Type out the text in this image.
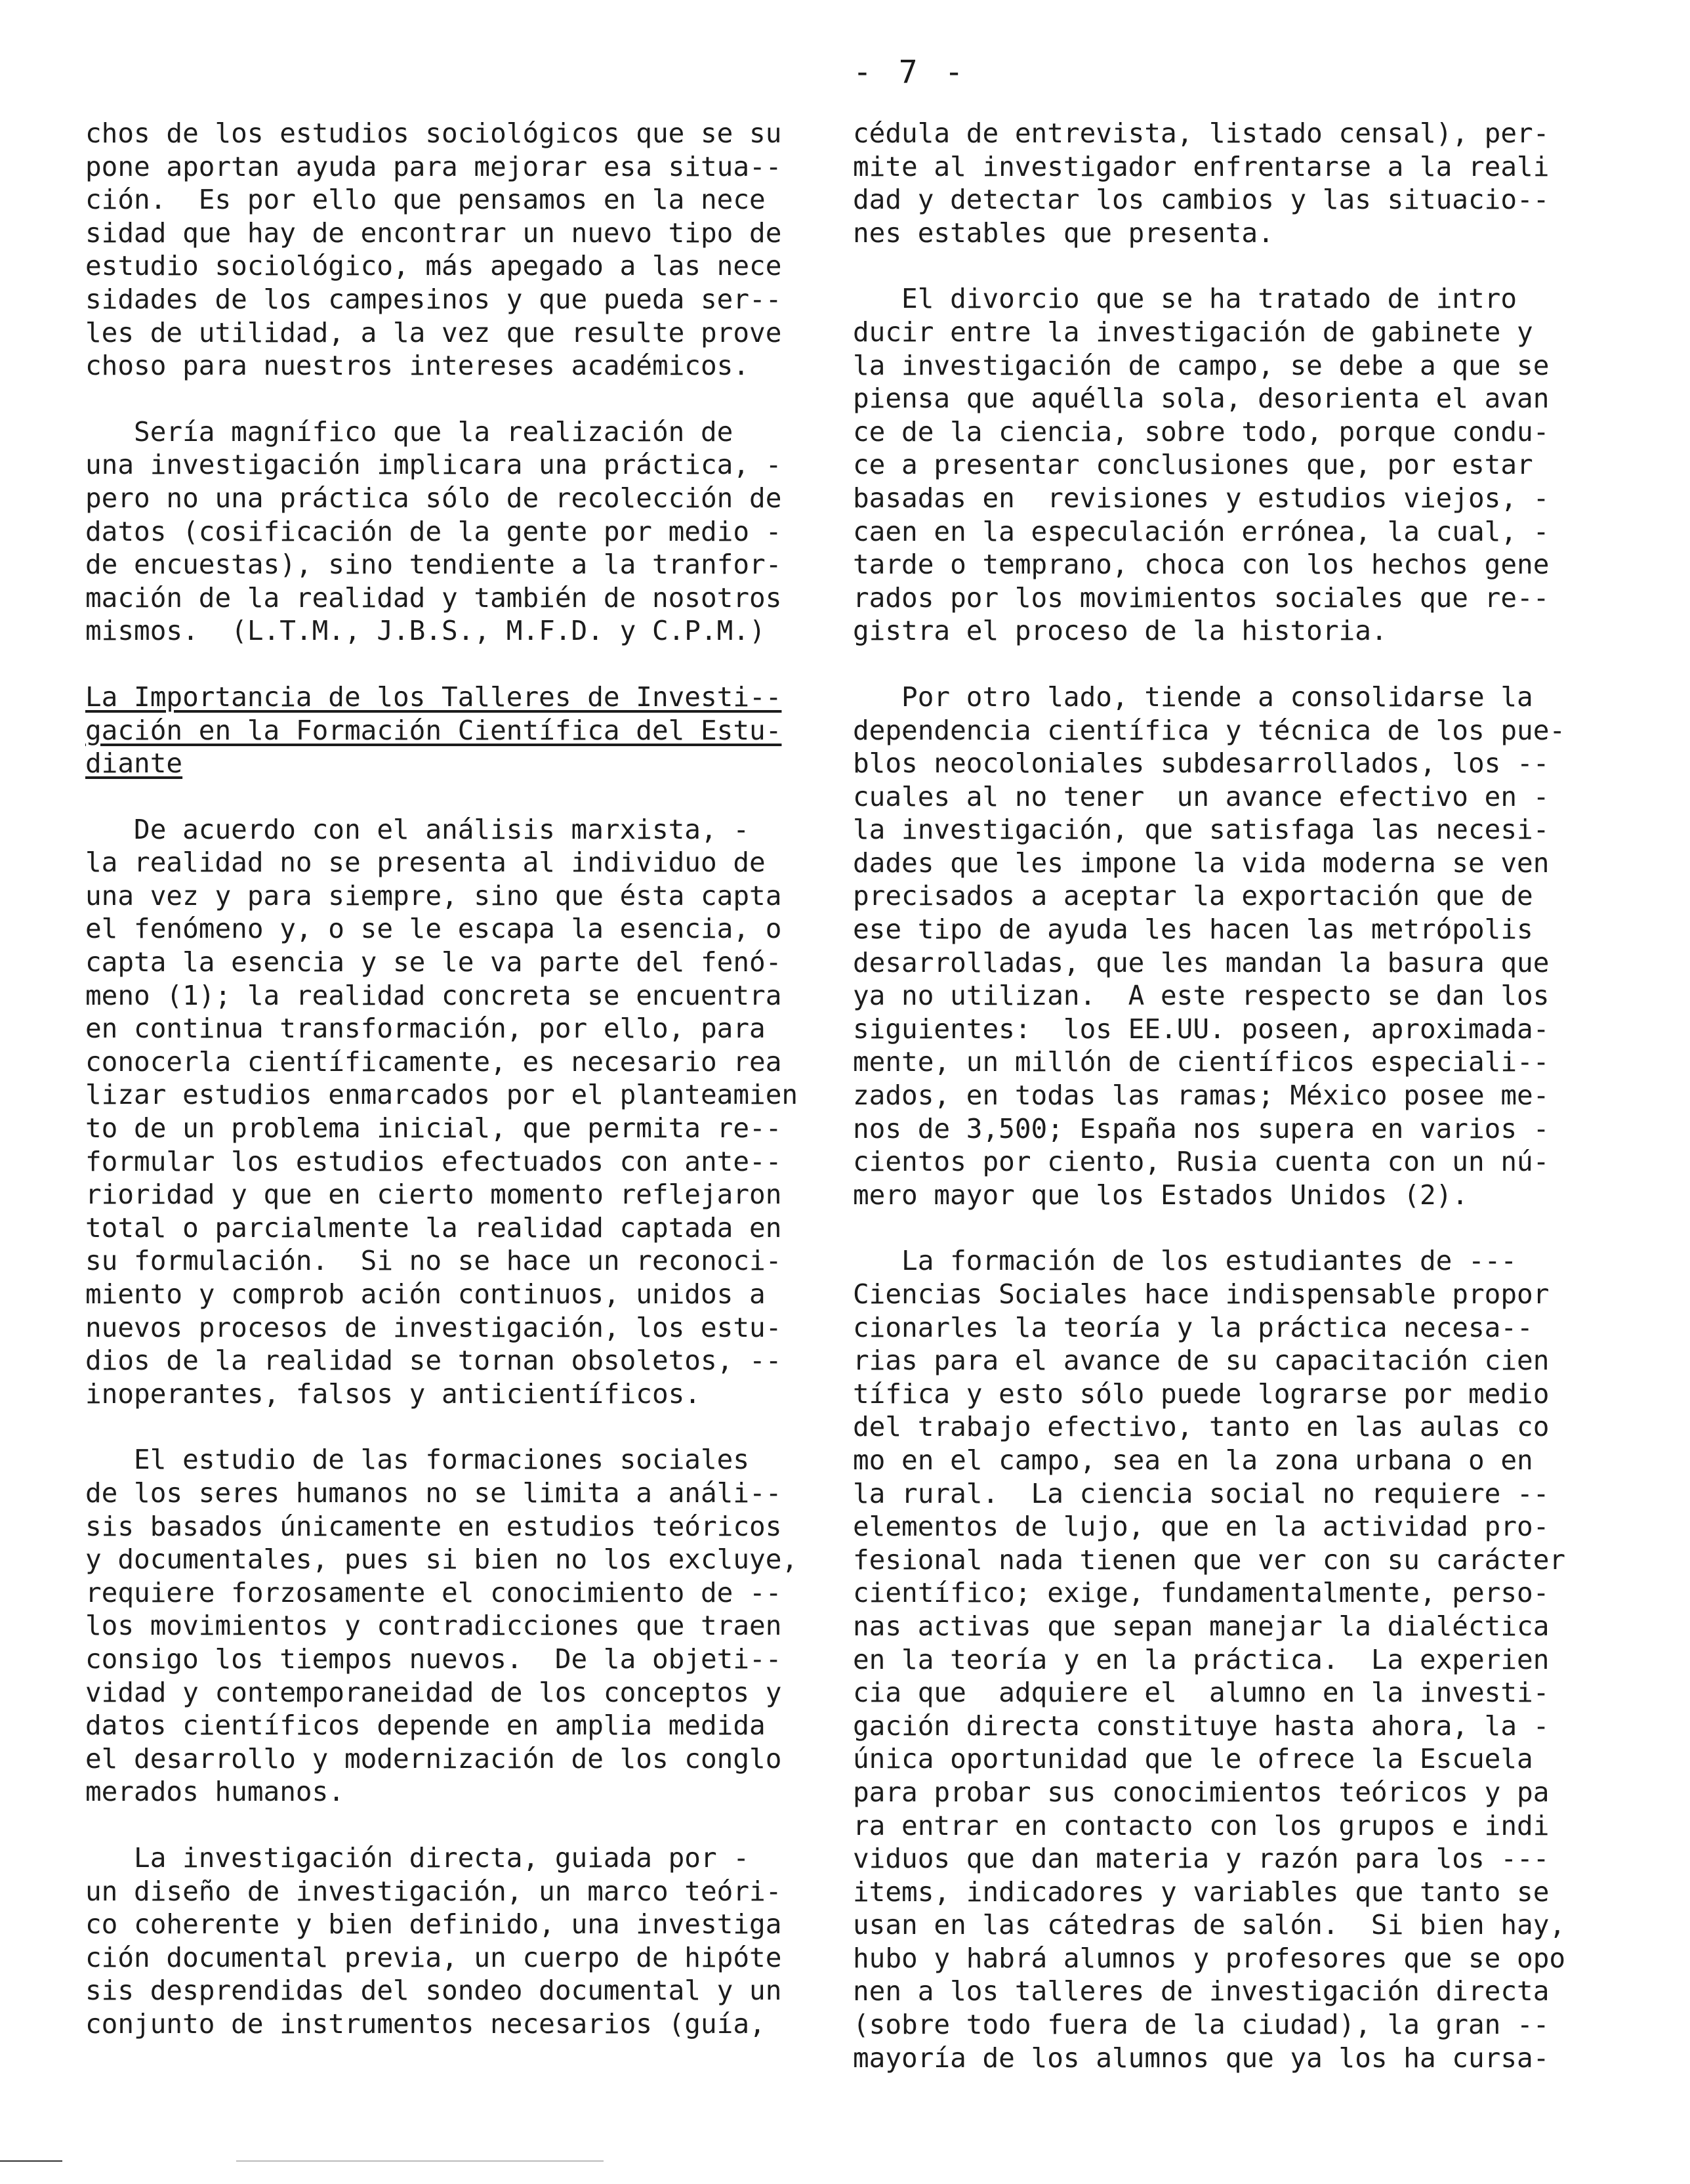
- 7 -
chos de los estudios sociológicos que se su
pone aportan ayuda para mejorar esa situa--
ción.  Es por ello que pensamos en la nece
sidad que hay de encontrar un nuevo tipo de
estudio sociológico, más apegado a las nece
sidades de los campesinos y que pueda ser--
les de utilidad, a la vez que resulte prove
choso para nuestros intereses académicos.
Sería magnífico que la realización de
una investigación implicara una práctica, -
pero no una práctica sólo de recolección de
datos (cosificación de la gente por medio -
de encuestas), sino tendiente a la tranfor-
mación de la realidad y también de nosotros
mismos.  (L.T.M., J.B.S., M.F.D. y C.P.M.)
La Importancia de los Talleres de Investi--
gación en la Formación Científica del Estu-
diante
De acuerdo con el análisis marxista, -
la realidad no se presenta al individuo de
una vez y para siempre, sino que ésta capta
el fenómeno y, o se le escapa la esencia, o
capta la esencia y se le va parte del fenó-
meno (1); la realidad concreta se encuentra
en continua transformación, por ello, para
conocerla científicamente, es necesario rea
lizar estudios enmarcados por el planteamien
to de un problema inicial, que permita re--
formular los estudios efectuados con ante--
rioridad y que en cierto momento reflejaron
total o parcialmente la realidad captada en
su formulación.  Si no se hace un reconoci-
miento y comprob ación continuos, unidos a
nuevos procesos de investigación, los estu-
dios de la realidad se tornan obsoletos, --
inoperantes, falsos y anticientíficos.
El estudio de las formaciones sociales
de los seres humanos no se limita a análi--
sis basados únicamente en estudios teóricos
y documentales, pues si bien no los excluye,
requiere forzosamente el conocimiento de --
los movimientos y contradicciones que traen
consigo los tiempos nuevos.  De la objeti--
vidad y contemporaneidad de los conceptos y
datos científicos depende en amplia medida
el desarrollo y modernización de los conglo
merados humanos.
La investigación directa, guiada por -
un diseño de investigación, un marco teóri-
co coherente y bien definido, una investiga
ción documental previa, un cuerpo de hipóte
sis desprendidas del sondeo documental y un
conjunto de instrumentos necesarios (guía,
cédula de entrevista, listado censal), per-
mite al investigador enfrentarse a la reali
dad y detectar los cambios y las situacio--
nes estables que presenta.
El divorcio que se ha tratado de intro
ducir entre la investigación de gabinete y
la investigación de campo, se debe a que se
piensa que aquélla sola, desorienta el avan
ce de la ciencia, sobre todo, porque condu-
ce a presentar conclusiones que, por estar
basadas en  revisiones y estudios viejos, -
caen en la especulación errónea, la cual, -
tarde o temprano, choca con los hechos gene
rados por los movimientos sociales que re--
gistra el proceso de la historia.
Por otro lado, tiende a consolidarse la
dependencia científica y técnica de los pue-
blos neocoloniales subdesarrollados, los --
cuales al no tener  un avance efectivo en -
la investigación, que satisfaga las necesi-
dades que les impone la vida moderna se ven
precisados a aceptar la exportación que de
ese tipo de ayuda les hacen las metrópolis
desarrolladas, que les mandan la basura que
ya no utilizan.  A este respecto se dan los
siguientes:  los EE.UU. poseen, aproximada-
mente, un millón de científicos especiali--
zados, en todas las ramas; México posee me-
nos de 3,500; España nos supera en varios -
cientos por ciento, Rusia cuenta con un nú-
mero mayor que los Estados Unidos (2).
La formación de los estudiantes de ---
Ciencias Sociales hace indispensable propor
cionarles la teoría y la práctica necesa--
rias para el avance de su capacitación cien
tífica y esto sólo puede lograrse por medio
del trabajo efectivo, tanto en las aulas co
mo en el campo, sea en la zona urbana o en
la rural.  La ciencia social no requiere --
elementos de lujo, que en la actividad pro-
fesional nada tienen que ver con su carácter
científico; exige, fundamentalmente, perso-
nas activas que sepan manejar la dialéctica
en la teoría y en la práctica.  La experien
cia que  adquiere el  alumno en la investi-
gación directa constituye hasta ahora, la -
única oportunidad que le ofrece la Escuela
para probar sus conocimientos teóricos y pa
ra entrar en contacto con los grupos e indi
viduos que dan materia y razón para los ---
items, indicadores y variables que tanto se
usan en las cátedras de salón.  Si bien hay,
hubo y habrá alumnos y profesores que se opo
nen a los talleres de investigación directa
(sobre todo fuera de la ciudad), la gran --
mayoría de los alumnos que ya los ha cursa-
